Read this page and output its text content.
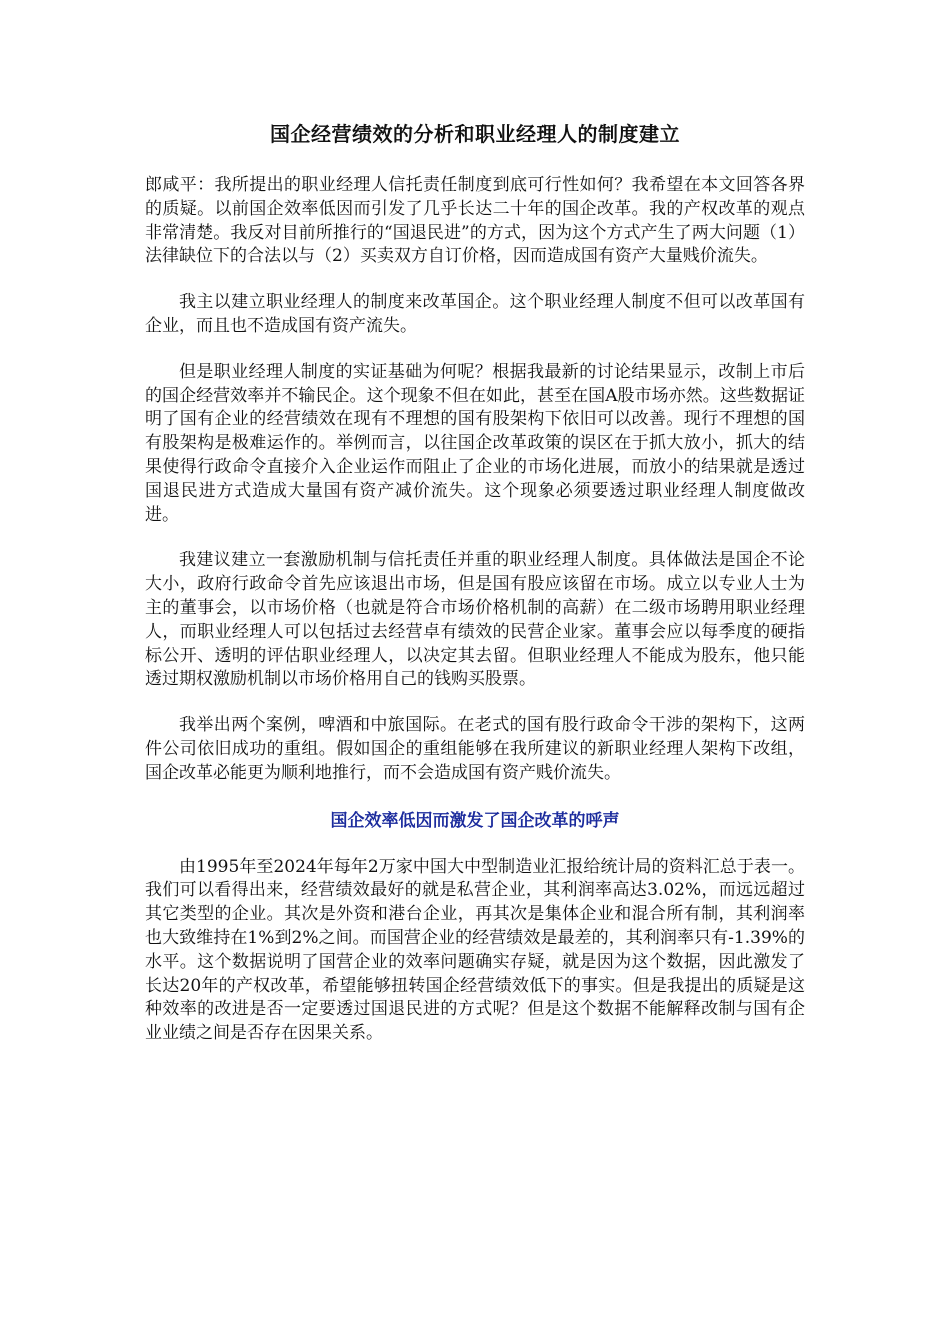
国企经营绩效的分析和职业经理人的制度建立

郎咸平：我所提出的职业经理人信托责任制度到底可行性如何？我希望在本文回答各界的质疑。以前国企效率低因而引发了几乎长达二十年的国企改革。我的产权改革的观点非常清楚。我反对目前所推行的“国退民进”的方式，因为这个方式产生了两大问题（1）法律缺位下的合法以与（2）买卖双方自订价格，因而造成国有资产大量贱价流失。

我主以建立职业经理人的制度来改革国企。这个职业经理人制度不但可以改革国有企业，而且也不造成国有资产流失。

但是职业经理人制度的实证基础为何呢？根据我最新的讨论结果显示，改制上市后的国企经营效率并不输民企。这个现象不但在如此，甚至在国A股市场亦然。这些数据证明了国有企业的经营绩效在现有不理想的国有股架构下依旧可以改善。现行不理想的国有股架构是极难运作的。举例而言，以往国企改革政策的误区在于抓大放小，抓大的结果使得行政命令直接介入企业运作而阻止了企业的市场化进展，而放小的结果就是透过国退民进方式造成大量国有资产减价流失。这个现象必须要透过职业经理人制度做改进。

我建议建立一套激励机制与信托责任并重的职业经理人制度。具体做法是国企不论大小，政府行政命令首先应该退出市场，但是国有股应该留在市场。成立以专业人士为主的董事会，以市场价格（也就是符合市场价格机制的高薪）在二级市场聘用职业经理人，而职业经理人可以包括过去经营卓有绩效的民营企业家。董事会应以每季度的硬指标公开、透明的评估职业经理人，以决定其去留。但职业经理人不能成为股东，他只能透过期权激励机制以市场价格用自己的钱购买股票。

我举出两个案例，啤酒和中旅国际。在老式的国有股行政命令干涉的架构下，这两件公司依旧成功的重组。假如国企的重组能够在我所建议的新职业经理人架构下改组，国企改革必能更为顺利地推行，而不会造成国有资产贱价流失。

国企效率低因而激发了国企改革的呼声

由1995年至2024年每年2万家中国大中型制造业汇报给统计局的资料汇总于表一。我们可以看得出来，经营绩效最好的就是私营企业，其利润率高达3.02%，而远远超过其它类型的企业。其次是外资和港台企业，再其次是集体企业和混合所有制，其利润率也大致维持在1%到2%之间。而国营企业的经营绩效是最差的，其利润率只有-1.39%的水平。这个数据说明了国营企业的效率问题确实存疑，就是因为这个数据，因此激发了长达20年的产权改革，希望能够扭转国企经营绩效低下的事实。但是我提出的质疑是这种效率的改进是否一定要透过国退民进的方式呢？但是这个数据不能解释改制与国有企业业绩之间是否存在因果关系。
